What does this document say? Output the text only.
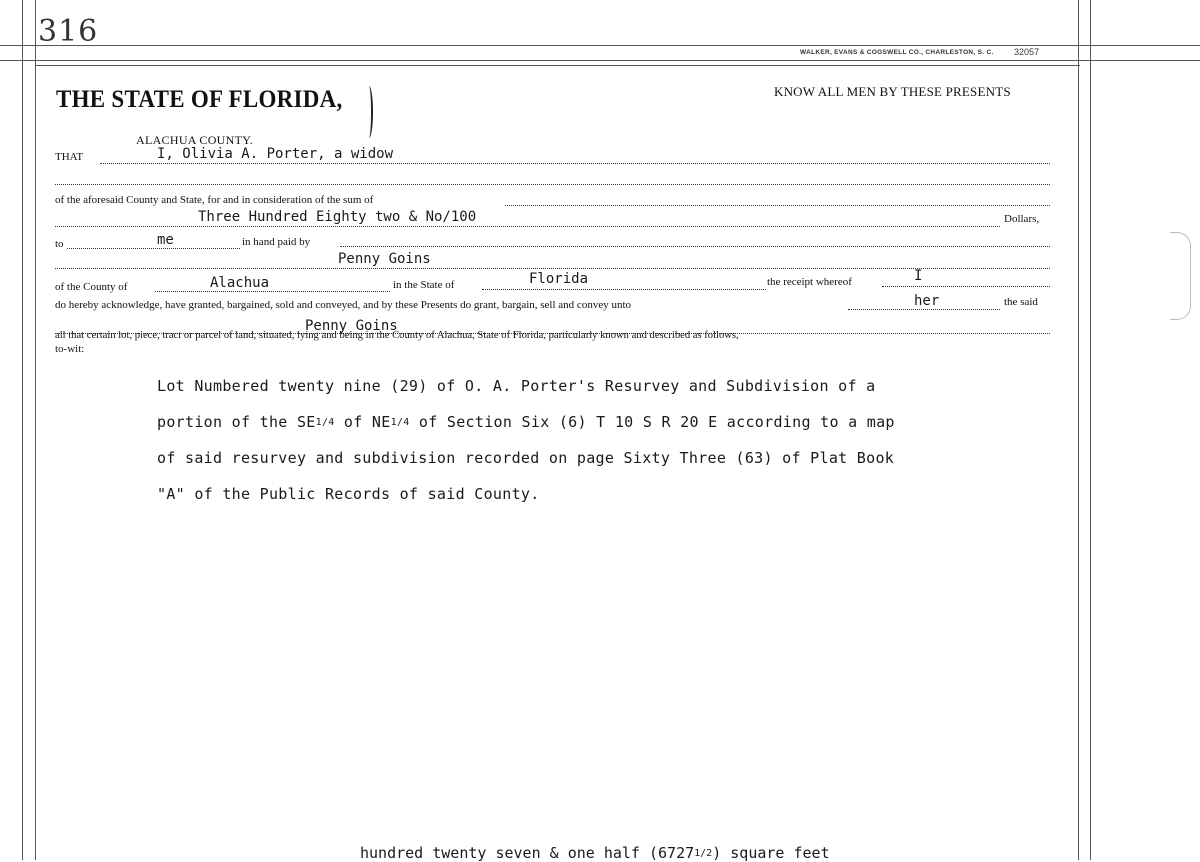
316
WALKER, EVANS & COGSWELL CO., CHARLESTON, S. C. 32057
THE STATE OF FLORIDA,	KNOW ALL MEN BY THESE PRESENTS
ALACHUA COUNTY.
THAT	I, Olivia A. Porter, a widow
of the aforesaid County and State, for and in consideration of the sum of
Three Hundred Eighty two & No/100	Dollars,
to	me	in hand paid by
Penny Goins
of the County of	Alachua	in the State of	Florida	the receipt whereof	I
do hereby acknowledge, have granted, bargained, sold and conveyed, and by these Presents do grant, bargain, sell and convey unto	her	the said
Penny Goins
all that certain lot, piece, tract or parcel of land, situated, lying and being in the County of Alachua, State of Florida, particularly known and described as follows,
to-wit:
Lot Numbered twenty nine (29) of O. A. Porter's Resurvey and Subdivision of a
portion of the SE1/4 of NE1/4 of Section Six (6) T 10 S R 20 E according to a map
of said resurvey and subdivision recorded on page Sixty Three (63) of Plat Book
"A" of the Public Records of said County.
hundred twenty seven & one half (67271/2) square feet
